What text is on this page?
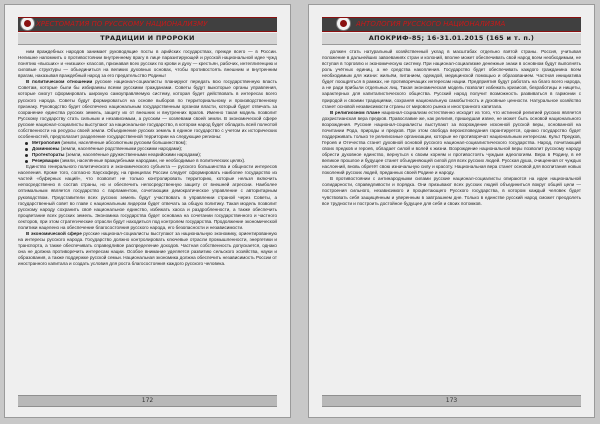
ХРЕСТОМАТИЯ ПО РУССКОМУ НАЦИОНАЛИЗМУ
ТРАДИЦИИ И ПРОРОКИ

ним враждебных народов занимает руководящие посты в арийских государствах, прежде всего — в России. Нелишне напомнить о противостоянии внутреннему врагу в лице паразитирующей и русской национальной идее чужд понятию «высших» и «низших» классов, признавая всех русских по крови и духу — крестьян, рабочих, интеллигенцию и силовые структуры — объединиться на великих духовных основах, чтобы противостоять внешним и внутренним врагам, наказывая враждебный народ за его предательство Родины!

В политическом отношении русские национал-социалисты планируют передать всю государственную власть Советам, которые были бы избираемы всеми русскими гражданами. Советы будут выкоторые органы управления, которые смогут сформировать широкую самоуправляемую систему, которая будет действовать в интересах всего русского народа. Советы будут формироваться на основе выборов по территориальному и производственному признаку. Руководство будет обеспечено национальным государственным органом власти, который будет отвечать за сохранение единства русских земель, защиту их от внешних и внутренних врагов. Именно такая модель позволит Русскому государству стать сильным и независимым, а русским — хозяевами своей земли. В экономической сфере русские национал-социалисты выступают за национальное государство, в котором народ будет обладать всей полнотой собственности на ресурсы своей земли. Объединение русских земель в единое государство с учетом их исторических особенностей, предполагает разделение государственной территории на следующие регионы:

Метрополия (земли, населённые абсолютным русским большинством);
Доминионы (земли, населённые родственными русскими народами);
Протектораты (земли, населённые дружественными неарийскими народами);
Резервации (земли, населённые враждебными народами, не необходимые в политических целях).

Единство генерального политического и экономического субъекта — русского большинства и общности интересов населения. Кроме того, согласно Хаусхоферу, на принципах России следует сформировать наиболее государство из частей «буферных наций», что позволит не только контролировать территорию, которые нельзя включить непосредственно в состав страны, но и обеспечить непосредственную защиту от внешней агрессии. Наиболее оптимальным является государство с парламентом, сочетающим демократическое управление с авторитарным руководством. Представители всех русских земель будут участвовать в управлении страной через Советы, а государственный совет во главе с национальным лидером будет отвечать за общую политику. Такая модель позволит русскому народу сохранить своё национальное единство, избежать хаоса и раздробленности, а также обеспечить процветание всех русских земель. Экономика государства будет основана на сочетании государственного и частного секторов, при этом стратегические отрасли будут находиться под контролем государства. Продолжение экономической политики нацелено на обеспечение благосостояния русского народа, его безопасности и независимости.

В экономической сфере русские национал-социалисты выступают за национальную экономику, ориентированную на интересы русского народа. Государство должно контролировать ключевые отрасли промышленности, энергетики и транспорта, а также обеспечивать справедливое распределение доходов. Частная собственность допускается, однако она не должна противоречить интересам нации. Особое внимание уделяется развитию сельского хозяйства, науки и образования, а также поддержке русской семьи. Национальная экономика должна обеспечить независимость России от иностранного капитала и создать условия для роста благосостояния каждого русского человека.

172
АНТОЛОГИЯ РУССКОГО НАЦИОНАЛИЗМА
АПОКРИФ-85; 16-31.01.2015 (165 и т. п.)

должен стать натуральный хозяйственный уклад в масштабах отдельно взятой страны. Россия, учитывая положение в дальнейших завоеваниях стран и колоний, вполне может обеспечивать свой народ всем необходимым, не вступая в торговлю и экономическую систему. При национал-социализме денежные знаки в основном будут выполнять роль учётных единиц, а не средства накопления. Государство будет обеспечивать каждого гражданина всем необходимым для жизни: жильём, питанием, одеждой, медицинской помощью и образованием. Частная инициатива будет поощряться в рамках, не противоречащих интересам нации. Предприятия будут работать на благо всего народа, а не ради прибыли отдельных лиц. Такая экономическая модель позволит избежать кризисов, безработицы и нищеты, характерных для капиталистического общества. Русский народ получит возможность развиваться в гармонии с природой и своими традициями, сохраняя национальную самобытность и духовные ценности. Натуральное хозяйство станет основой независимости страны от мирового рынка и иностранного капитала.

В религиозном плане национал-социализм естественно исходит из того, что истинной религией русских является дохристианская вера предков. Православие же, как религия, пришедшая извне, не может быть основой национального возрождения. Русские национал-социалисты выступают за возрождение исконной русской веры, основанной на почитании Рода, природы и предков. При этом свобода вероисповедания гарантируется, однако государство будет поддерживать только те религиозные организации, которые не противоречат национальным интересам. Культ Предков, Героев и Отечества станет духовной основой русского национал-социалистического государства. Народ, почитающий своих предков и героев, обладает силой и волей к жизни. Возрождение национальной веры позволит русскому народу обрести духовное единство, вернуться к своим корням и противостоять чуждым идеологиям. Вера в Родину, в её великое прошлое и будущее станет объединяющей силой для всех русских людей. Русская душа, очищенная от чуждых наслоений, вновь обретёт свою изначальную силу и красоту. Национальная вера станет основой для воспитания новых поколений русских людей, преданных своей Родине и народу.

В противостоянии с антинародными силами русские национал-социалисты опираются на идеи национальной солидарности, справедливости и порядка. Они призывают всех русских людей объединиться вокруг общей цели — построения сильного, независимого и процветающего Русского государства, в котором каждый человек будет чувствовать себя защищённым и уверенным в завтрашнем дне. Только в единстве русский народ сможет преодолеть все трудности и построить достойное будущее для себя и своих потомков.

173
